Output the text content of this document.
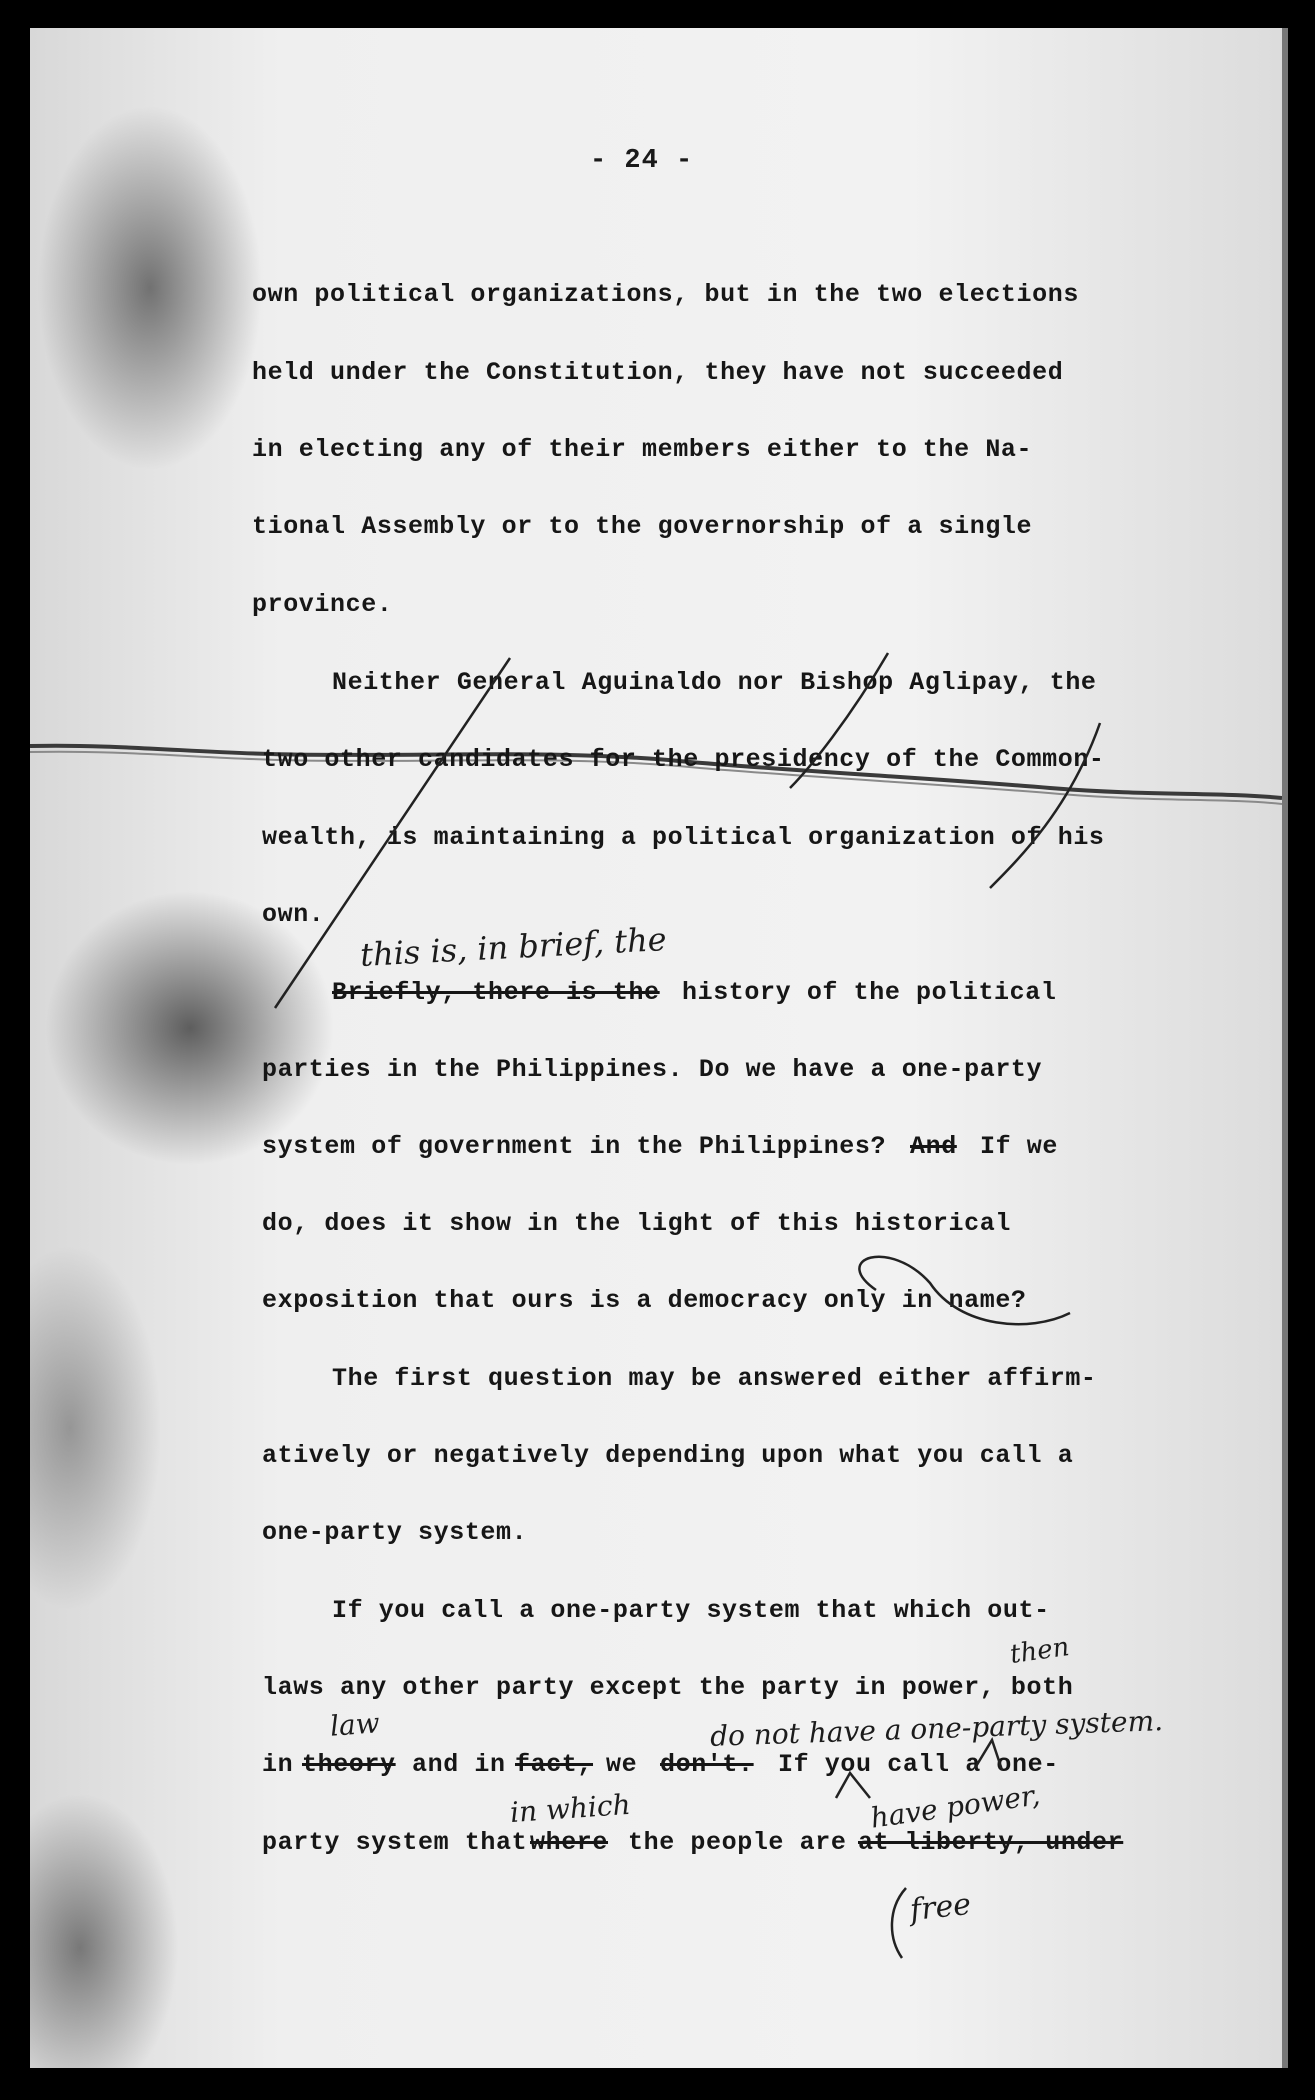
- 24 -
own political organizations, but in the two elections
held under the Constitution, they have not succeeded
in electing any of their members either to the Na-
tional Assembly or to the governorship of a single
province.
Neither General Aguinaldo nor Bishop Aglipay, the
two other candidates for the presidency of the Common-
wealth, is maintaining a political organization of his
own.
Briefly, there is the history of the political
parties in the Philippines. Do we have a one-party
system of government in the Philippines? And If we
do, does it show in the light of this historical
exposition that ours is a democracy only in name?
The first question may be answered either affirm-
atively or negatively depending upon what you call a
one-party system.
If you call a one-party system that which out-
laws any other party except the party in power, both
in theory and in fact, we don't. If you call a one-
party system that where the people are at liberty, under
this is, in brief, the
then
law	do not have a one-party system.
in which	have power,
free
